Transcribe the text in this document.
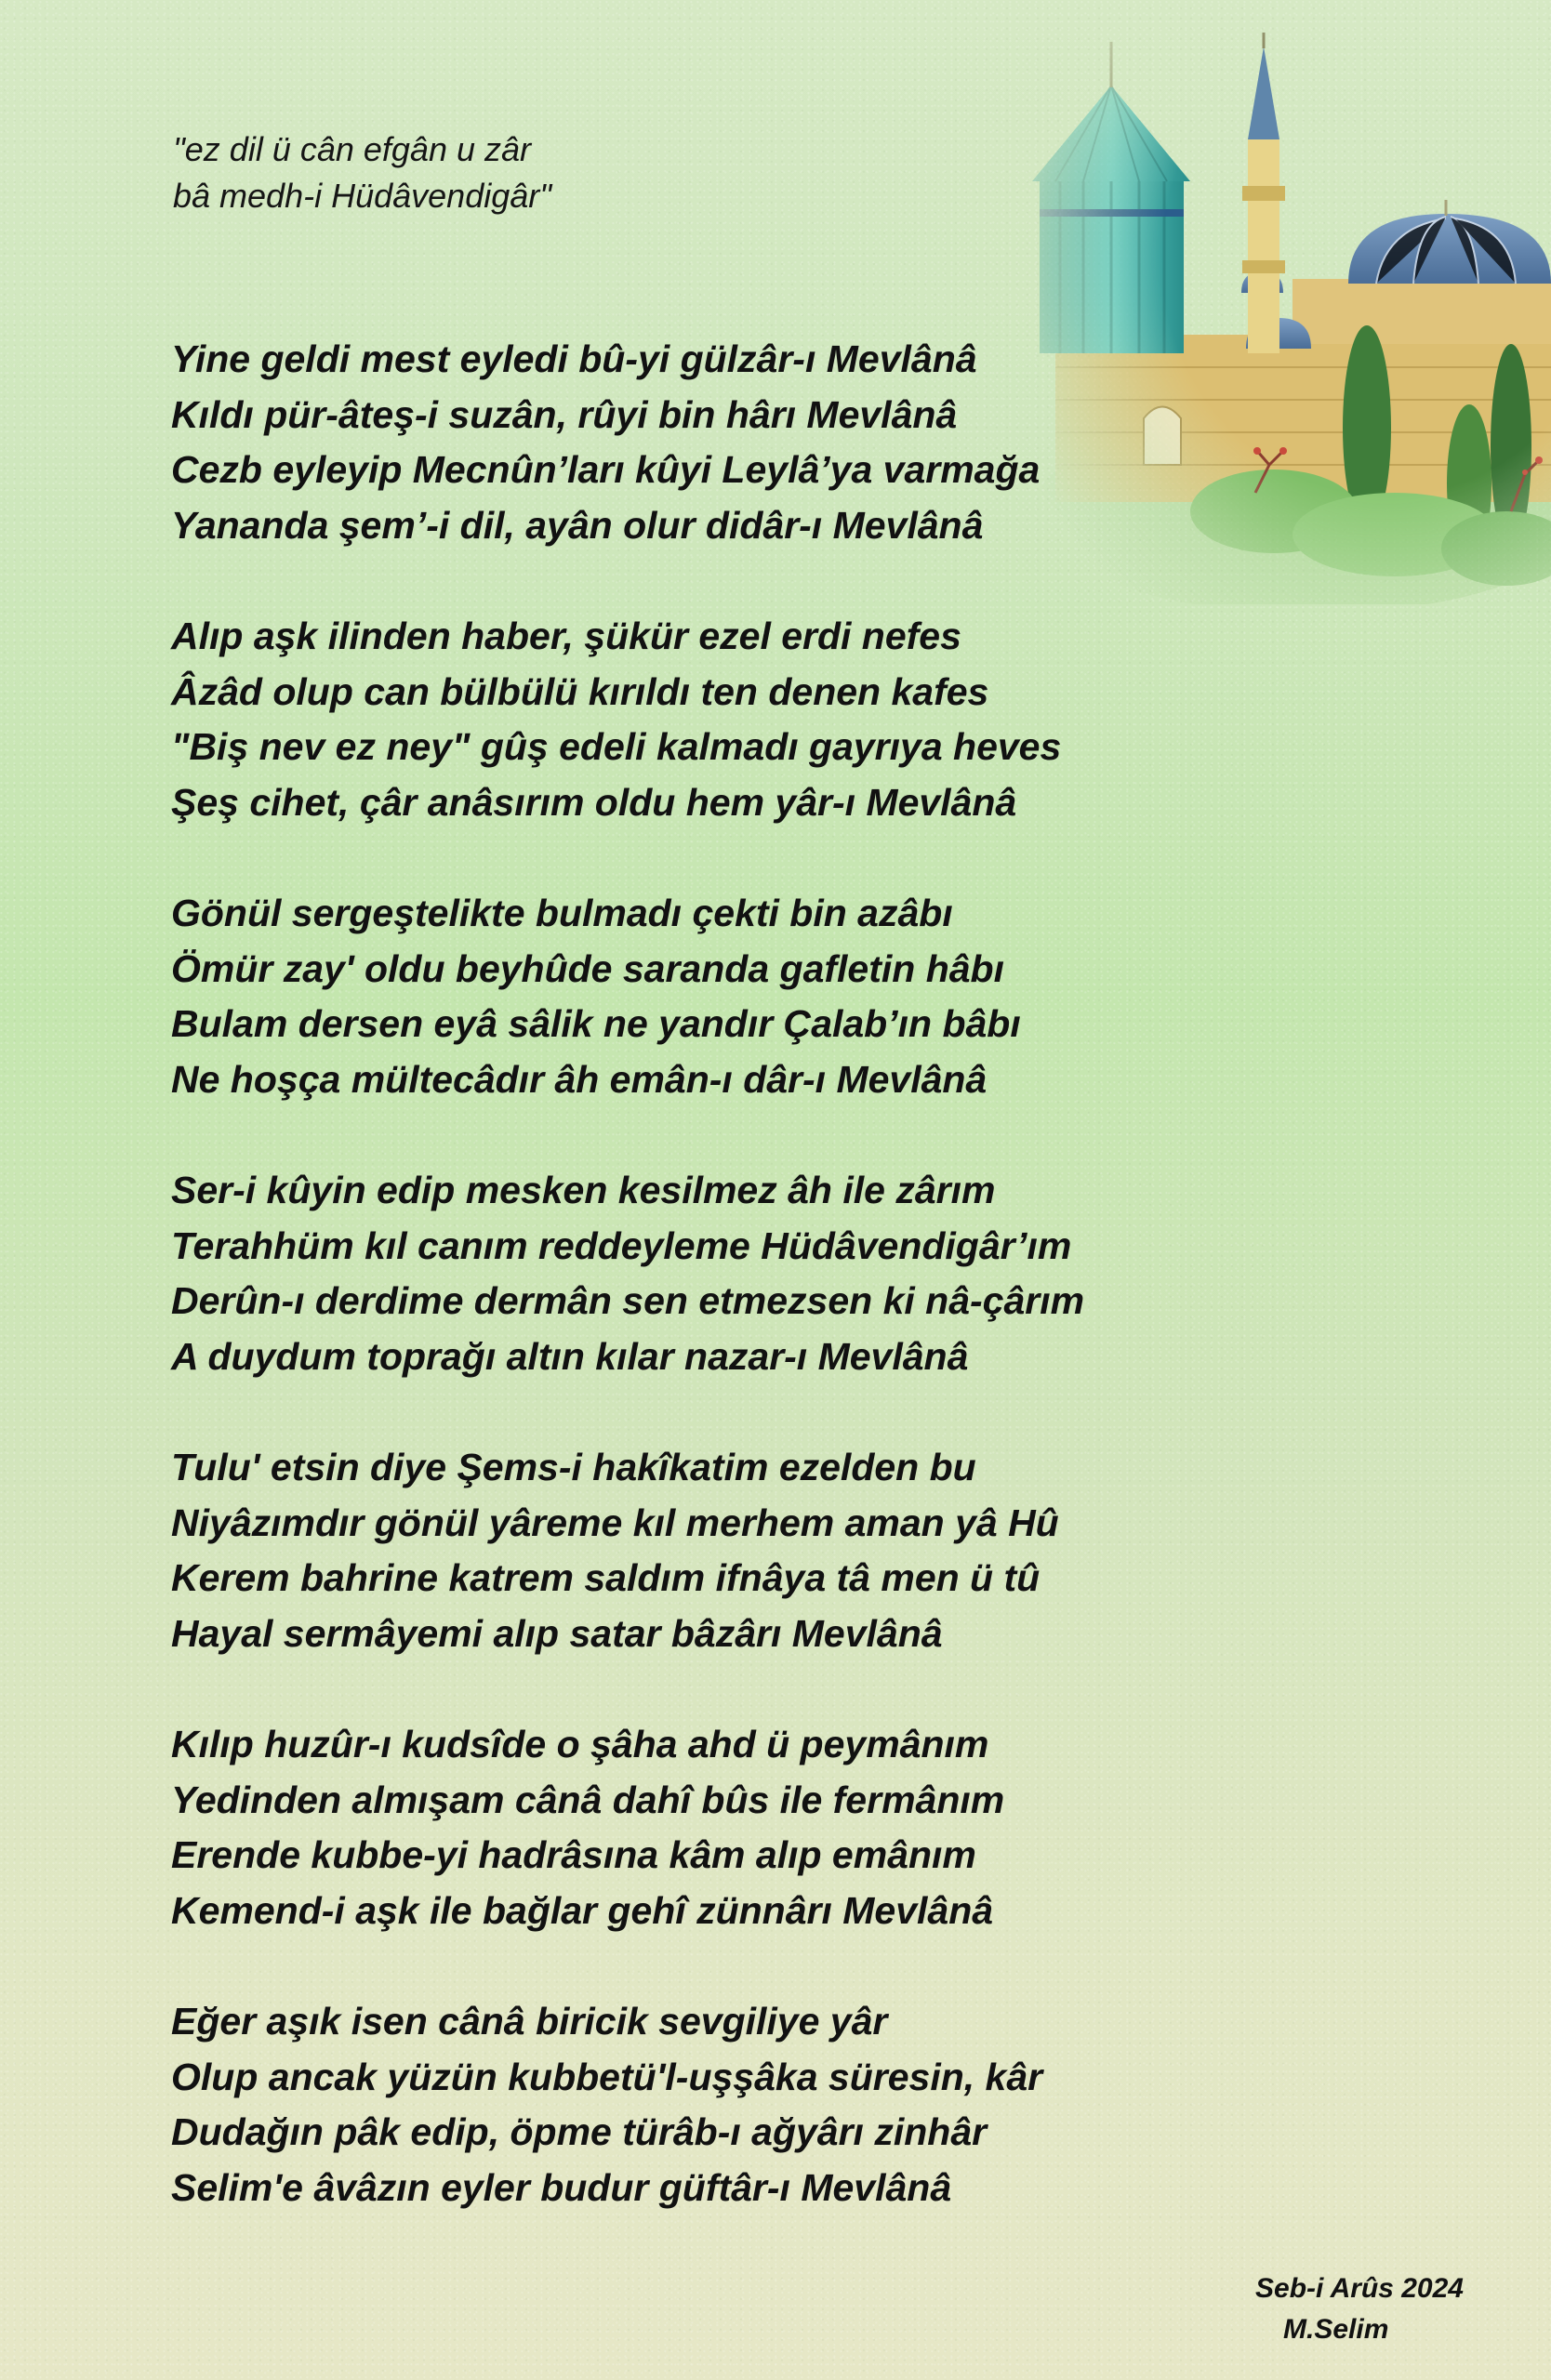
"ez dil ü cân efgân u zâr
bâ medh-i Hüdâvendigâr"
Yine geldi mest eyledi bû-yi gülzâr-ı Mevlânâ
Kıldı pür-âteş-i suzân, rûyi bin hârı Mevlânâ
Cezb eyleyip Mecnûn’ları kûyi Leylâ’ya varmağa
Yananda şem’-i dil, ayân olur didâr-ı Mevlânâ
Alıp aşk ilinden haber, şükür ezel erdi nefes
Âzâd olup can bülbülü kırıldı ten denen kafes
"Biş nev ez ney" gûş edeli kalmadı gayrıya heves
Şeş cihet, çâr anâsırım oldu hem yâr-ı Mevlânâ
Gönül sergeştelikte bulmadı çekti bin azâbı
Ömür zay' oldu beyhûde saranda gafletin hâbı
Bulam dersen eyâ sâlik ne yandır Çalab’ın bâbı
Ne hoşça mültecâdır âh emân-ı dâr-ı Mevlânâ
Ser-i kûyin edip mesken kesilmez âh ile zârım
Terahhüm kıl canım reddeyleme Hüdâvendigâr’ım
Derûn-ı derdime dermân sen etmezsen ki nâ-çârım
A duydum toprağı altın kılar nazar-ı Mevlânâ
Tulu' etsin diye Şems-i hakîkatim ezelden bu
Niyâzımdır gönül yâreme kıl merhem aman yâ Hû
Kerem bahrine katrem saldım ifnâya tâ men ü tû
Hayal sermâyemi alıp satar bâzârı Mevlânâ
Kılıp huzûr-ı kudsîde o şâha ahd ü peymânım
Yedinden almışam cânâ dahî bûs ile fermânım
Erende kubbe-yi hadrâsına kâm alıp emânım
Kemend-i aşk ile bağlar gehî zünnârı Mevlânâ
Eğer aşık isen cânâ biricik sevgiliye yâr
Olup ancak yüzün kubbetü'l-uşşâka süresin, kâr
Dudağın pâk edip, öpme türâb-ı ağyârı zinhâr
Selim'e âvâzın eyler budur güftâr-ı Mevlânâ
Seb-i Arûs 2024
M.Selim
